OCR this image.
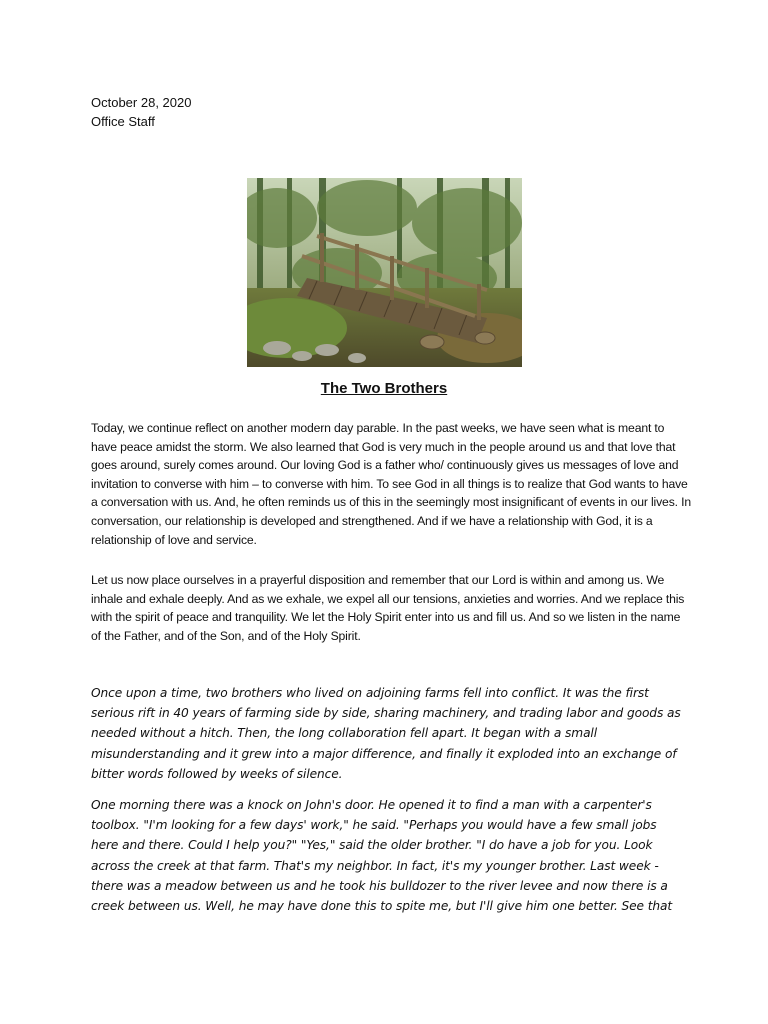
October 28, 2020
Office Staff
The Two Brothers

Today, we continue reflect on another modern day parable. In the past weeks, we have seen what is meant to have peace amidst the storm. We also learned that God is very much in the people around us and that love that goes around, surely comes around. Our loving God is a father who/ continuously gives us messages of love and invitation to converse with him – to converse with him. To see God in all things is to realize that God wants to have a conversation with us. And, he often reminds us of this in the seemingly most insignificant of events in our lives. In conversation, our relationship is developed and strengthened. And if we have a relationship with God, it is a relationship of love and service.

Let us now place ourselves in a prayerful disposition and remember that our Lord is within and among us. We inhale and exhale deeply. And as we exhale, we expel all our tensions, anxieties and worries. And we replace this with the spirit of peace and tranquility. We let the Holy Spirit enter into us and fill us. And so we listen in the name of the Father, and of the Son, and of the Holy Spirit.

Once upon a time, two brothers who lived on adjoining farms fell into conflict. It was the first serious rift in 40 years of farming side by side, sharing machinery, and trading labor and goods as needed without a hitch. Then, the long collaboration fell apart. It began with a small misunderstanding and it grew into a major difference, and finally it exploded into an exchange of bitter words followed by weeks of silence.

One morning there was a knock on John's door. He opened it to find a man with a carpenter's toolbox. "I'm looking for a few days' work," he said. "Perhaps you would have a few small jobs here and there. Could I help you?" "Yes," said the older brother. "I do have a job for you. Look across the creek at that farm. That's my neighbor. In fact, it's my younger brother. Last week - there was a meadow between us and he took his bulldozer to the river levee and now there is a creek between us. Well, he may have done this to spite me, but I'll give him one better. See that
